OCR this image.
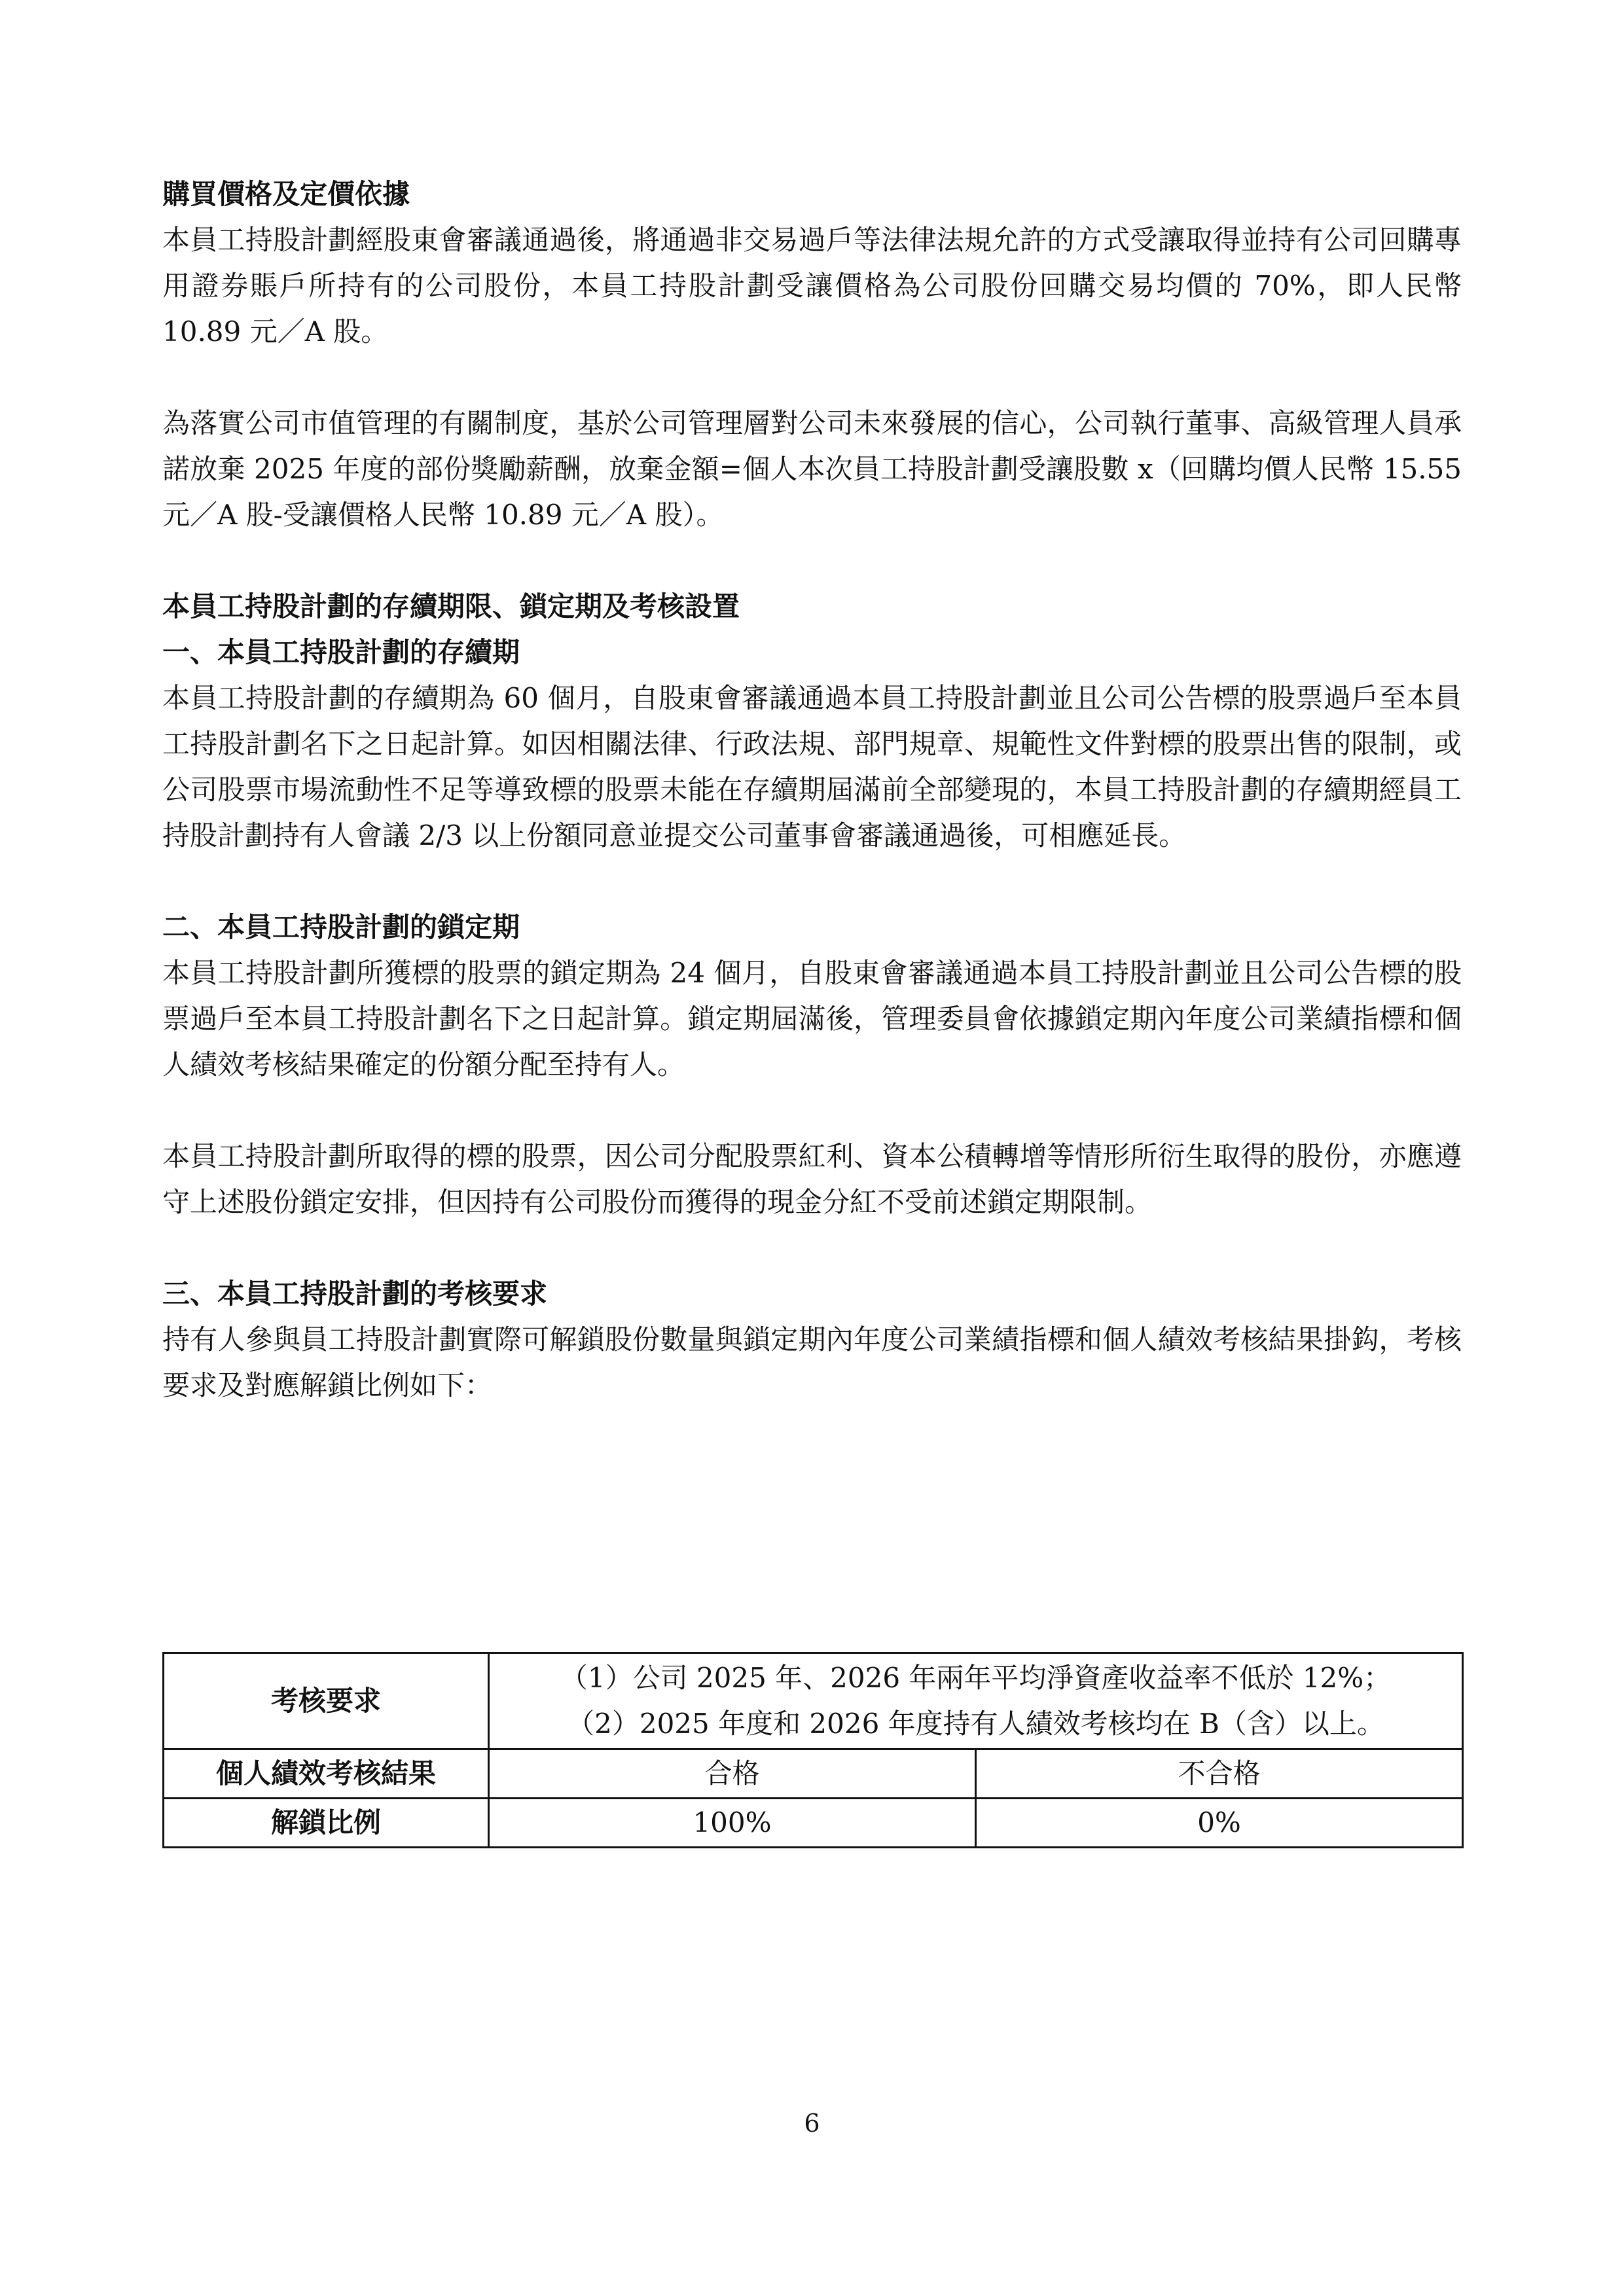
購買價格及定價依據

本員工持股計劃經股東會審議通過後，將通過非交易過戶等法律法規允許的方式受讓取得並持有公司回購專用證券賬戶所持有的公司股份，本員工持股計劃受讓價格為公司股份回購交易均價的 70%，即人民幣 10.89 元／A 股。

為落實公司市值管理的有關制度，基於公司管理層對公司未來發展的信心，公司執行董事、高級管理人員承諾放棄 2025 年度的部份獎勵薪酬，放棄金額=個人本次員工持股計劃受讓股數 x（回購均價人民幣 15.55 元／A 股-受讓價格人民幣 10.89 元／A 股）。

本員工持股計劃的存續期限、鎖定期及考核設置

一、本員工持股計劃的存續期

本員工持股計劃的存續期為 60 個月，自股東會審議通過本員工持股計劃並且公司公告標的股票過戶至本員工持股計劃名下之日起計算。如因相關法律、行政法規、部門規章、規範性文件對標的股票出售的限制，或公司股票市場流動性不足等導致標的股票未能在存續期屆滿前全部變現的，本員工持股計劃的存續期經員工持股計劃持有人會議 2/3 以上份額同意並提交公司董事會審議通過後，可相應延長。

二、本員工持股計劃的鎖定期

本員工持股計劃所獲標的股票的鎖定期為 24 個月，自股東會審議通過本員工持股計劃並且公司公告標的股票過戶至本員工持股計劃名下之日起計算。鎖定期屆滿後，管理委員會依據鎖定期內年度公司業績指標和個人績效考核結果確定的份額分配至持有人。

本員工持股計劃所取得的標的股票，因公司分配股票紅利、資本公積轉增等情形所衍生取得的股份，亦應遵守上述股份鎖定安排，但因持有公司股份而獲得的現金分紅不受前述鎖定期限制。

三、本員工持股計劃的考核要求

持有人參與員工持股計劃實際可解鎖股份數量與鎖定期內年度公司業績指標和個人績效考核結果掛鈎，考核要求及對應解鎖比例如下：

考核要求	（1）公司 2025 年、2026 年兩年平均淨資產收益率不低於 12%；
（2）2025 年度和 2026 年度持有人績效考核均在 B（含）以上。	

個人績效考核結果	合格	不合格
解鎖比例	100%	0%
6
